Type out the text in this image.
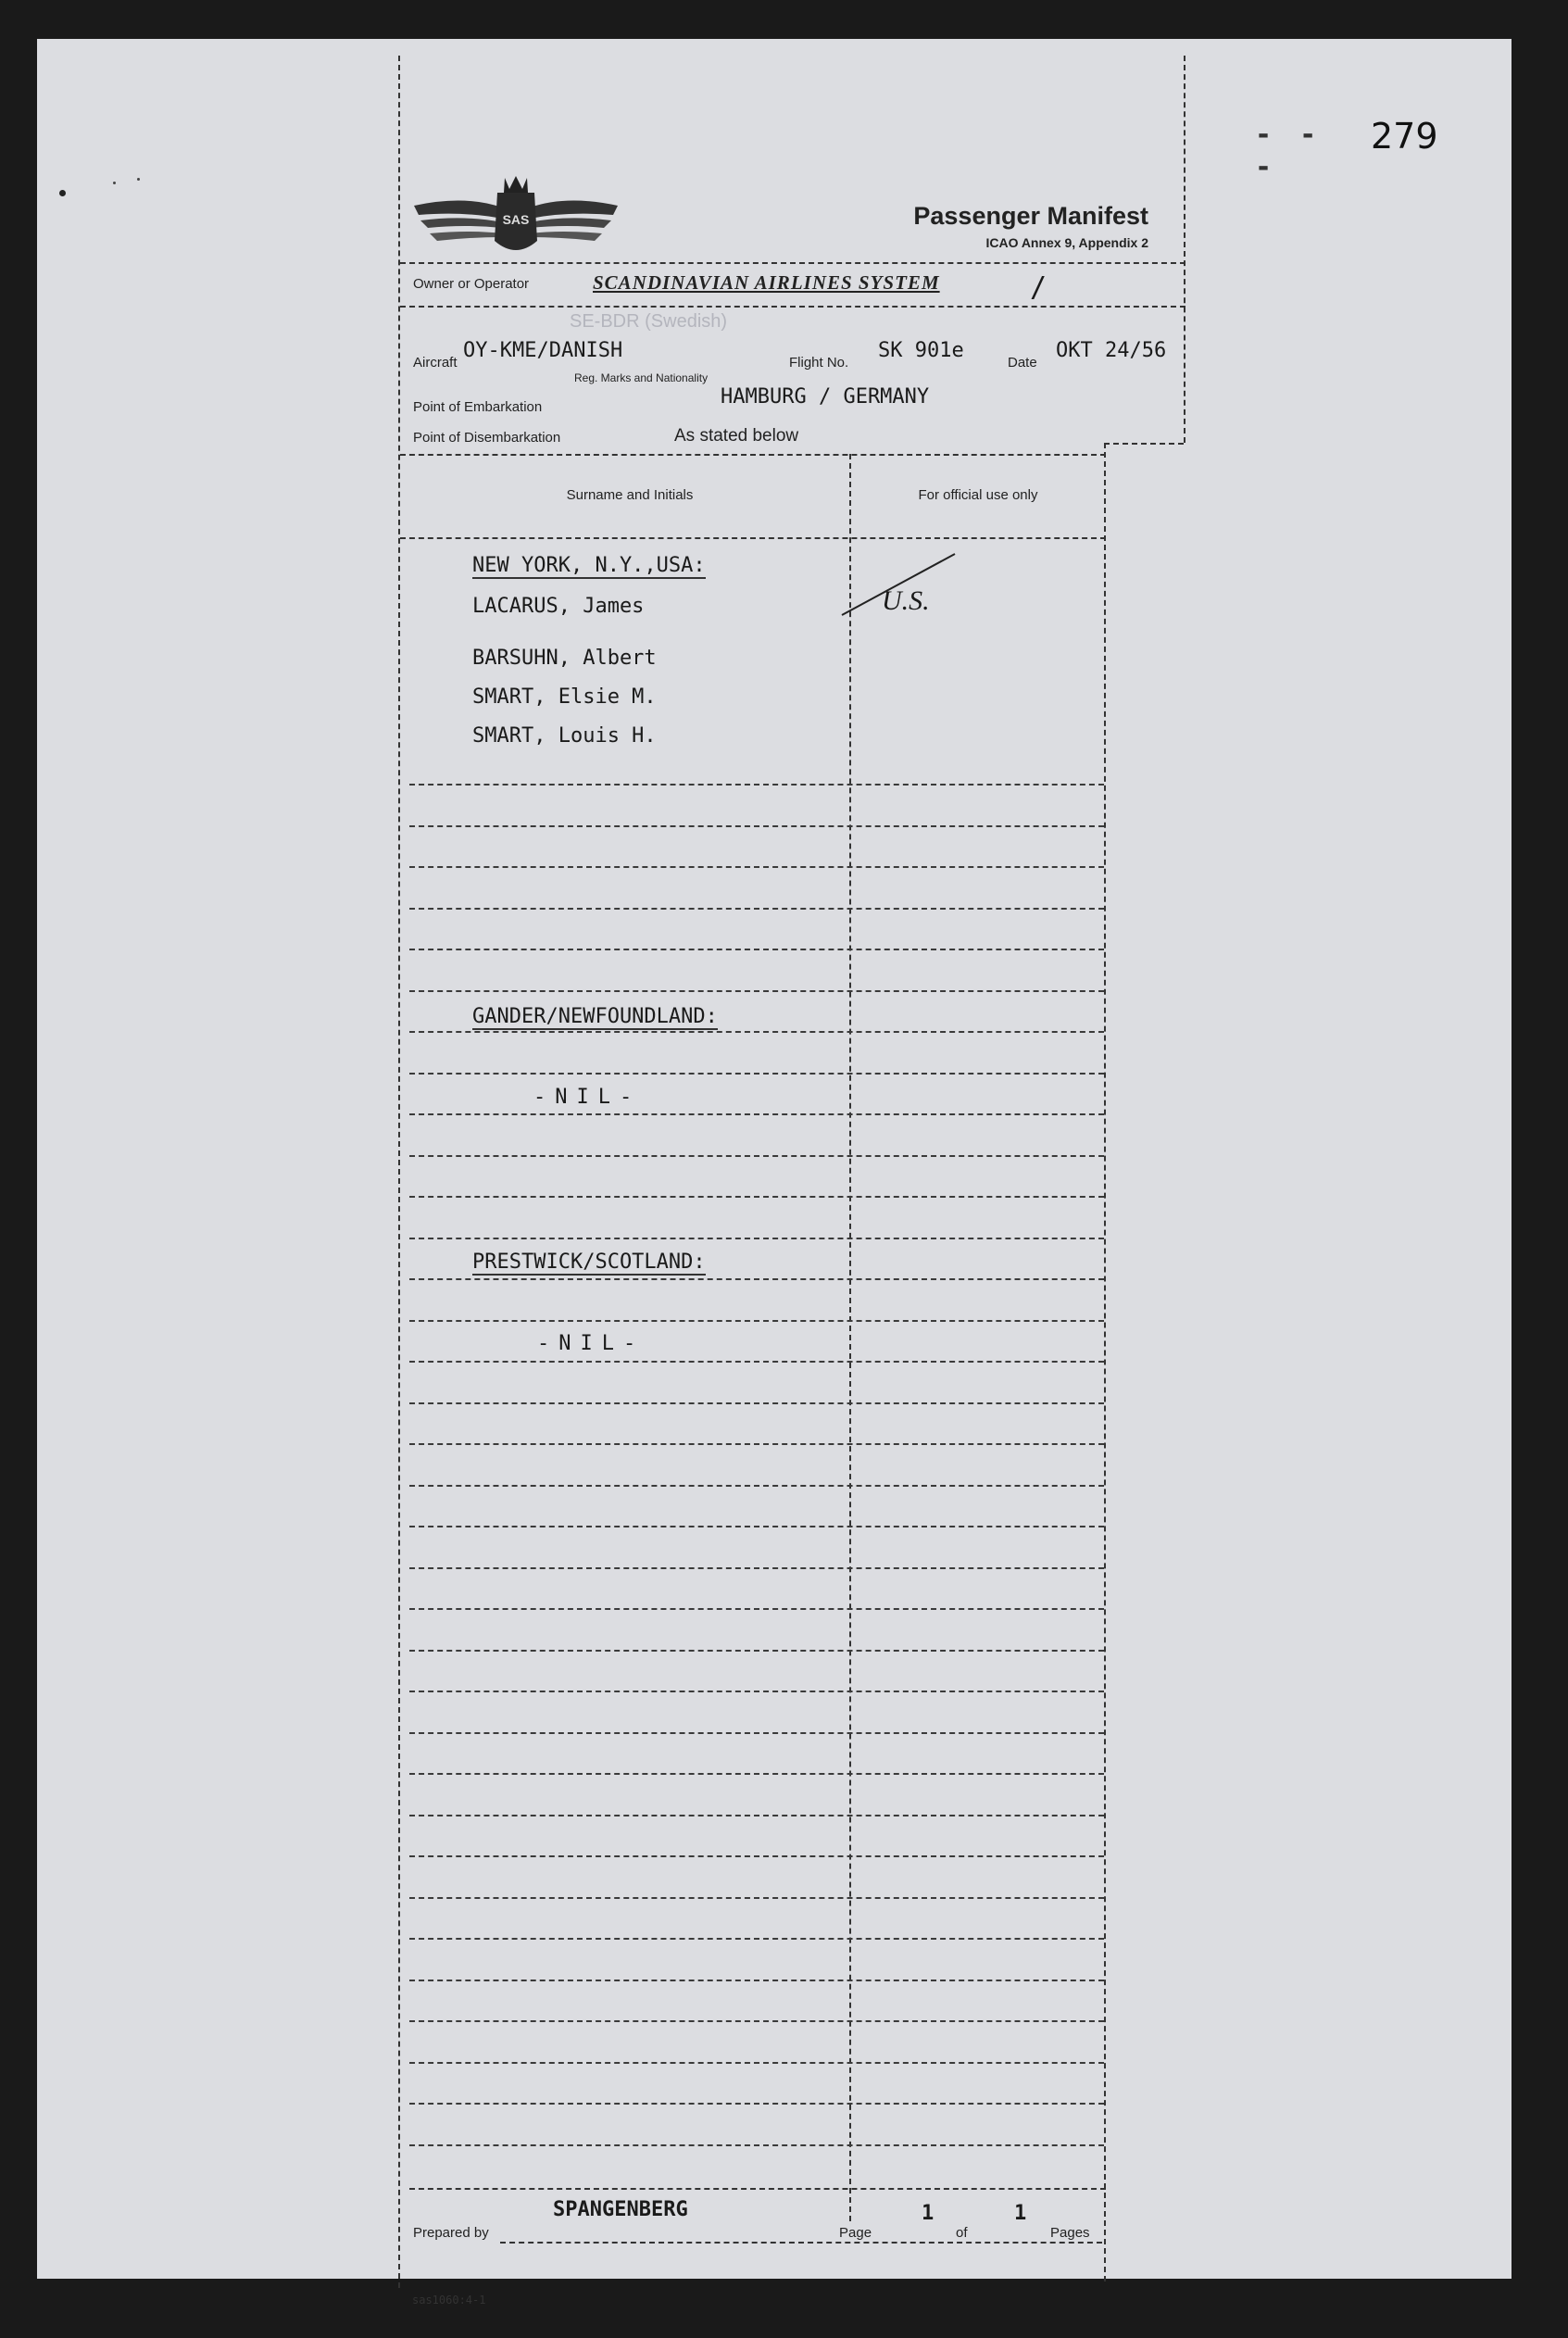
- - -
279
SAS	Passenger Manifest
ICAO Annex 9, Appendix 2
Owner or Operator	SCANDINAVIAN AIRLINES SYSTEM	/
SE-BDR (Swedish)
Aircraft
OY-KME/DANISH
Reg. Marks and Nationality
Flight No.
SK 901e
Date
OKT 24/56
Point of Embarkation	HAMBURG / GERMANY
Point of Disembarkation	As stated below
Surname and Initials	For official use only
NEW YORK, N.Y.,USA:
LACARUS, James	U.S.
BARSUHN, Albert
SMART, Elsie M.
SMART, Louis H.
GANDER/NEWFOUNDLAND:
-NIL-
PRESTWICK/SCOTLAND:
-NIL-
Prepared by
SPANGENBERG
Page
1
of
1
Pages
sas1060:4-1
